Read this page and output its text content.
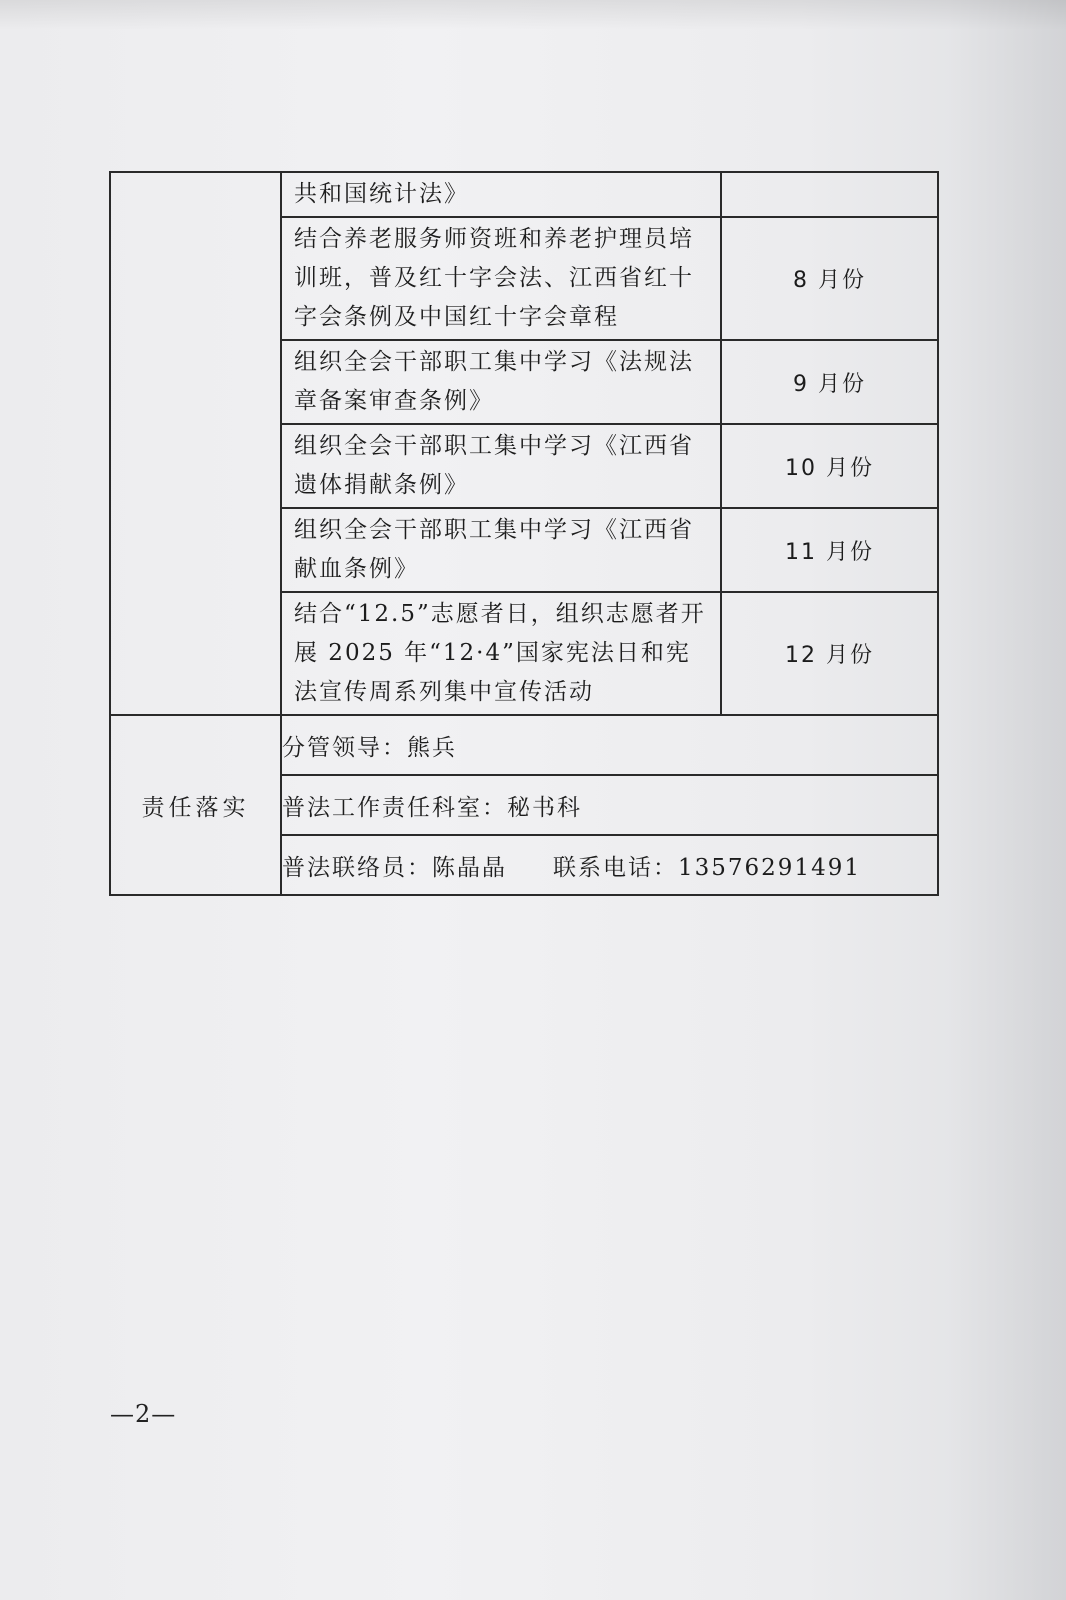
	共和国统计法》	

	结合养老服务师资班和养老护理员培训班，普及红十字会法、江西省红十字会条例及中国红十字会章程	8 月份

	组织全会干部职工集中学习《法规法章备案审查条例》	9 月份

	组织全会干部职工集中学习《江西省遗体捐献条例》	10 月份

	组织全会干部职工集中学习《江西省献血条例》	11 月份

	结合“12.5”志愿者日，组织志愿者开展 2025 年“12·4”国家宪法日和宪法宣传周系列集中宣传活动	12 月份
责任落实	分管领导：熊兵	
	普法工作责任科室：秘书科	
	普法联络员：陈晶晶 联系电话：13576291491	
—2—
